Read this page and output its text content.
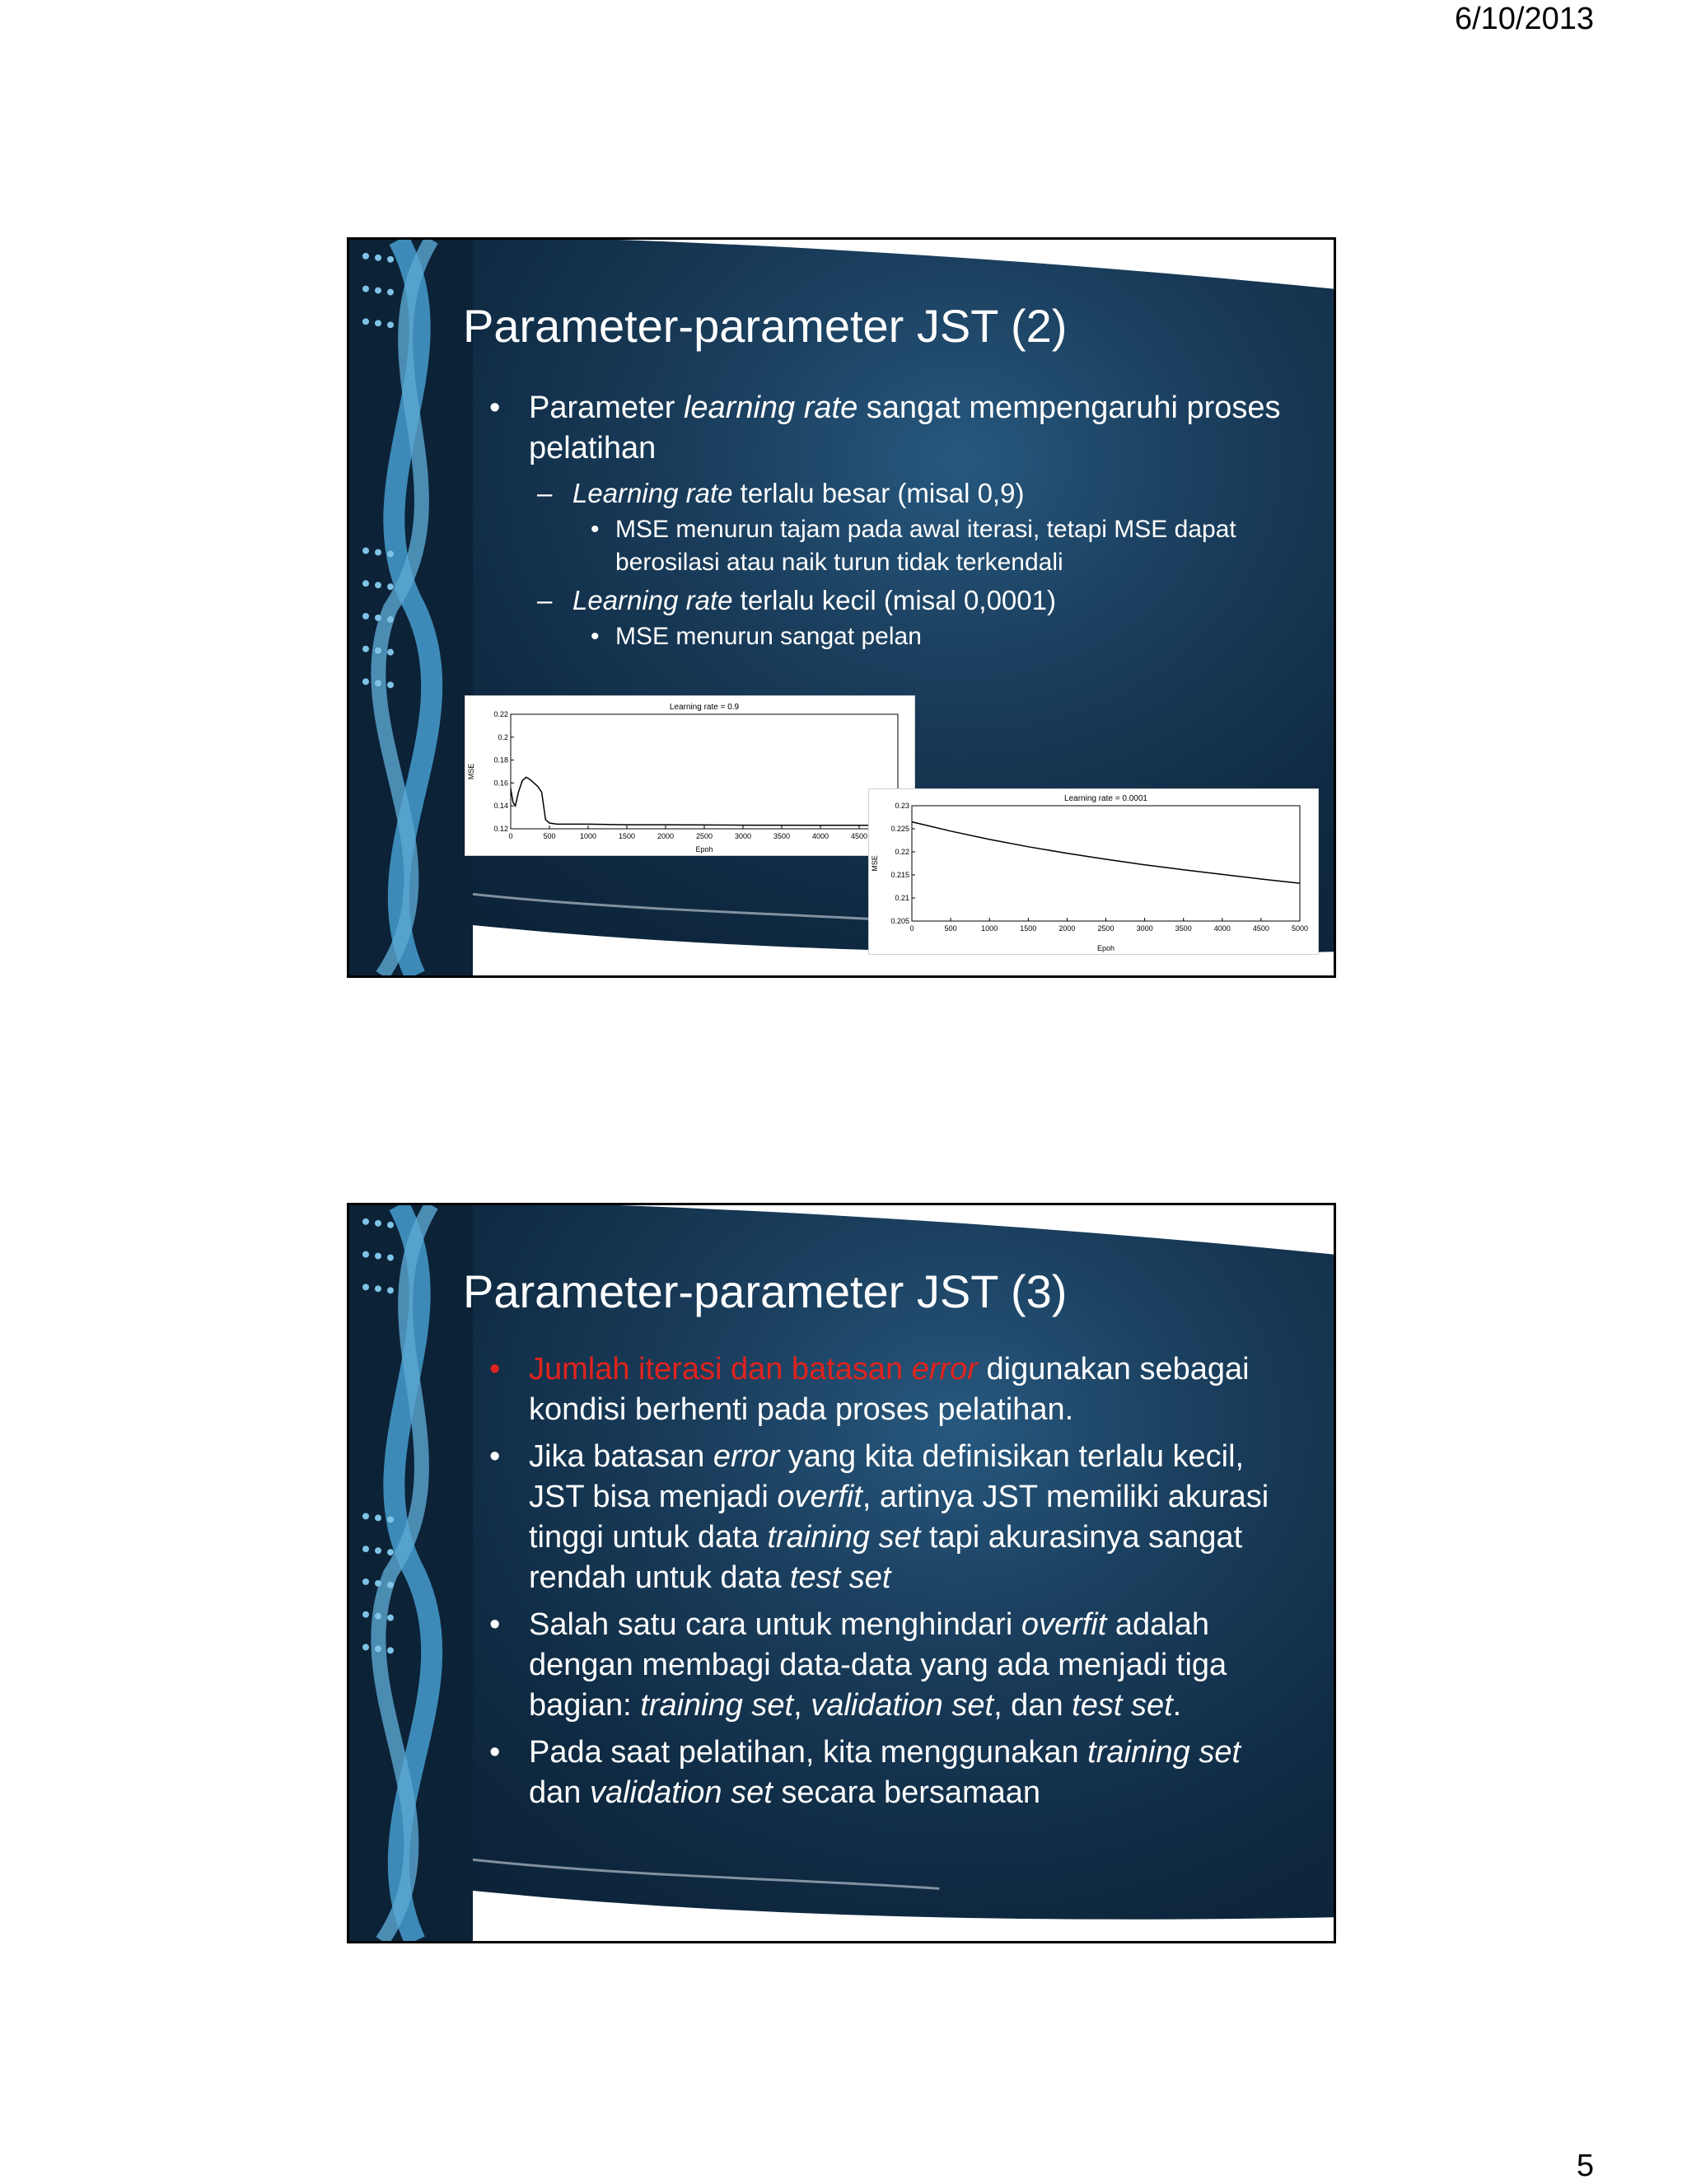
6/10/2013
Parameter-parameter JST (2)
• Parameter learning rate sangat mempengaruhi proses pelatihan
– Learning rate terlalu besar (misal 0,9)
• MSE menurun tajam pada awal iterasi, tetapi MSE dapat berosilasi atau naik turun tidak terkendali
– Learning rate terlalu kecil (misal 0,0001)
• MSE menurun sangat pelan
Learning rate = 0.9
0	500	1000	1500	2000	2500	3000	3500	4000	4500
0.12
0.14
0.16
0.18
0.2
0.22
Epoh
MSE
Learning rate = 0.0001
0	500	1000	1500	2000	2500	3000	3500	4000	4500	5000
0.205
0.21
0.215
0.22
0.225
0.23
Epoh
MSE
Parameter-parameter JST (3)
• Jumlah iterasi dan batasan error digunakan sebagai kondisi berhenti pada proses pelatihan.
• Jika batasan error yang kita definisikan terlalu kecil, JST bisa menjadi overfit, artinya JST memiliki akurasi tinggi untuk data training set tapi akurasinya sangat rendah untuk data test set
• Salah satu cara untuk menghindari overfit adalah dengan membagi data-data yang ada menjadi tiga bagian: training set, validation set, dan test set.
• Pada saat pelatihan, kita menggunakan training set dan validation set secara bersamaan
5
